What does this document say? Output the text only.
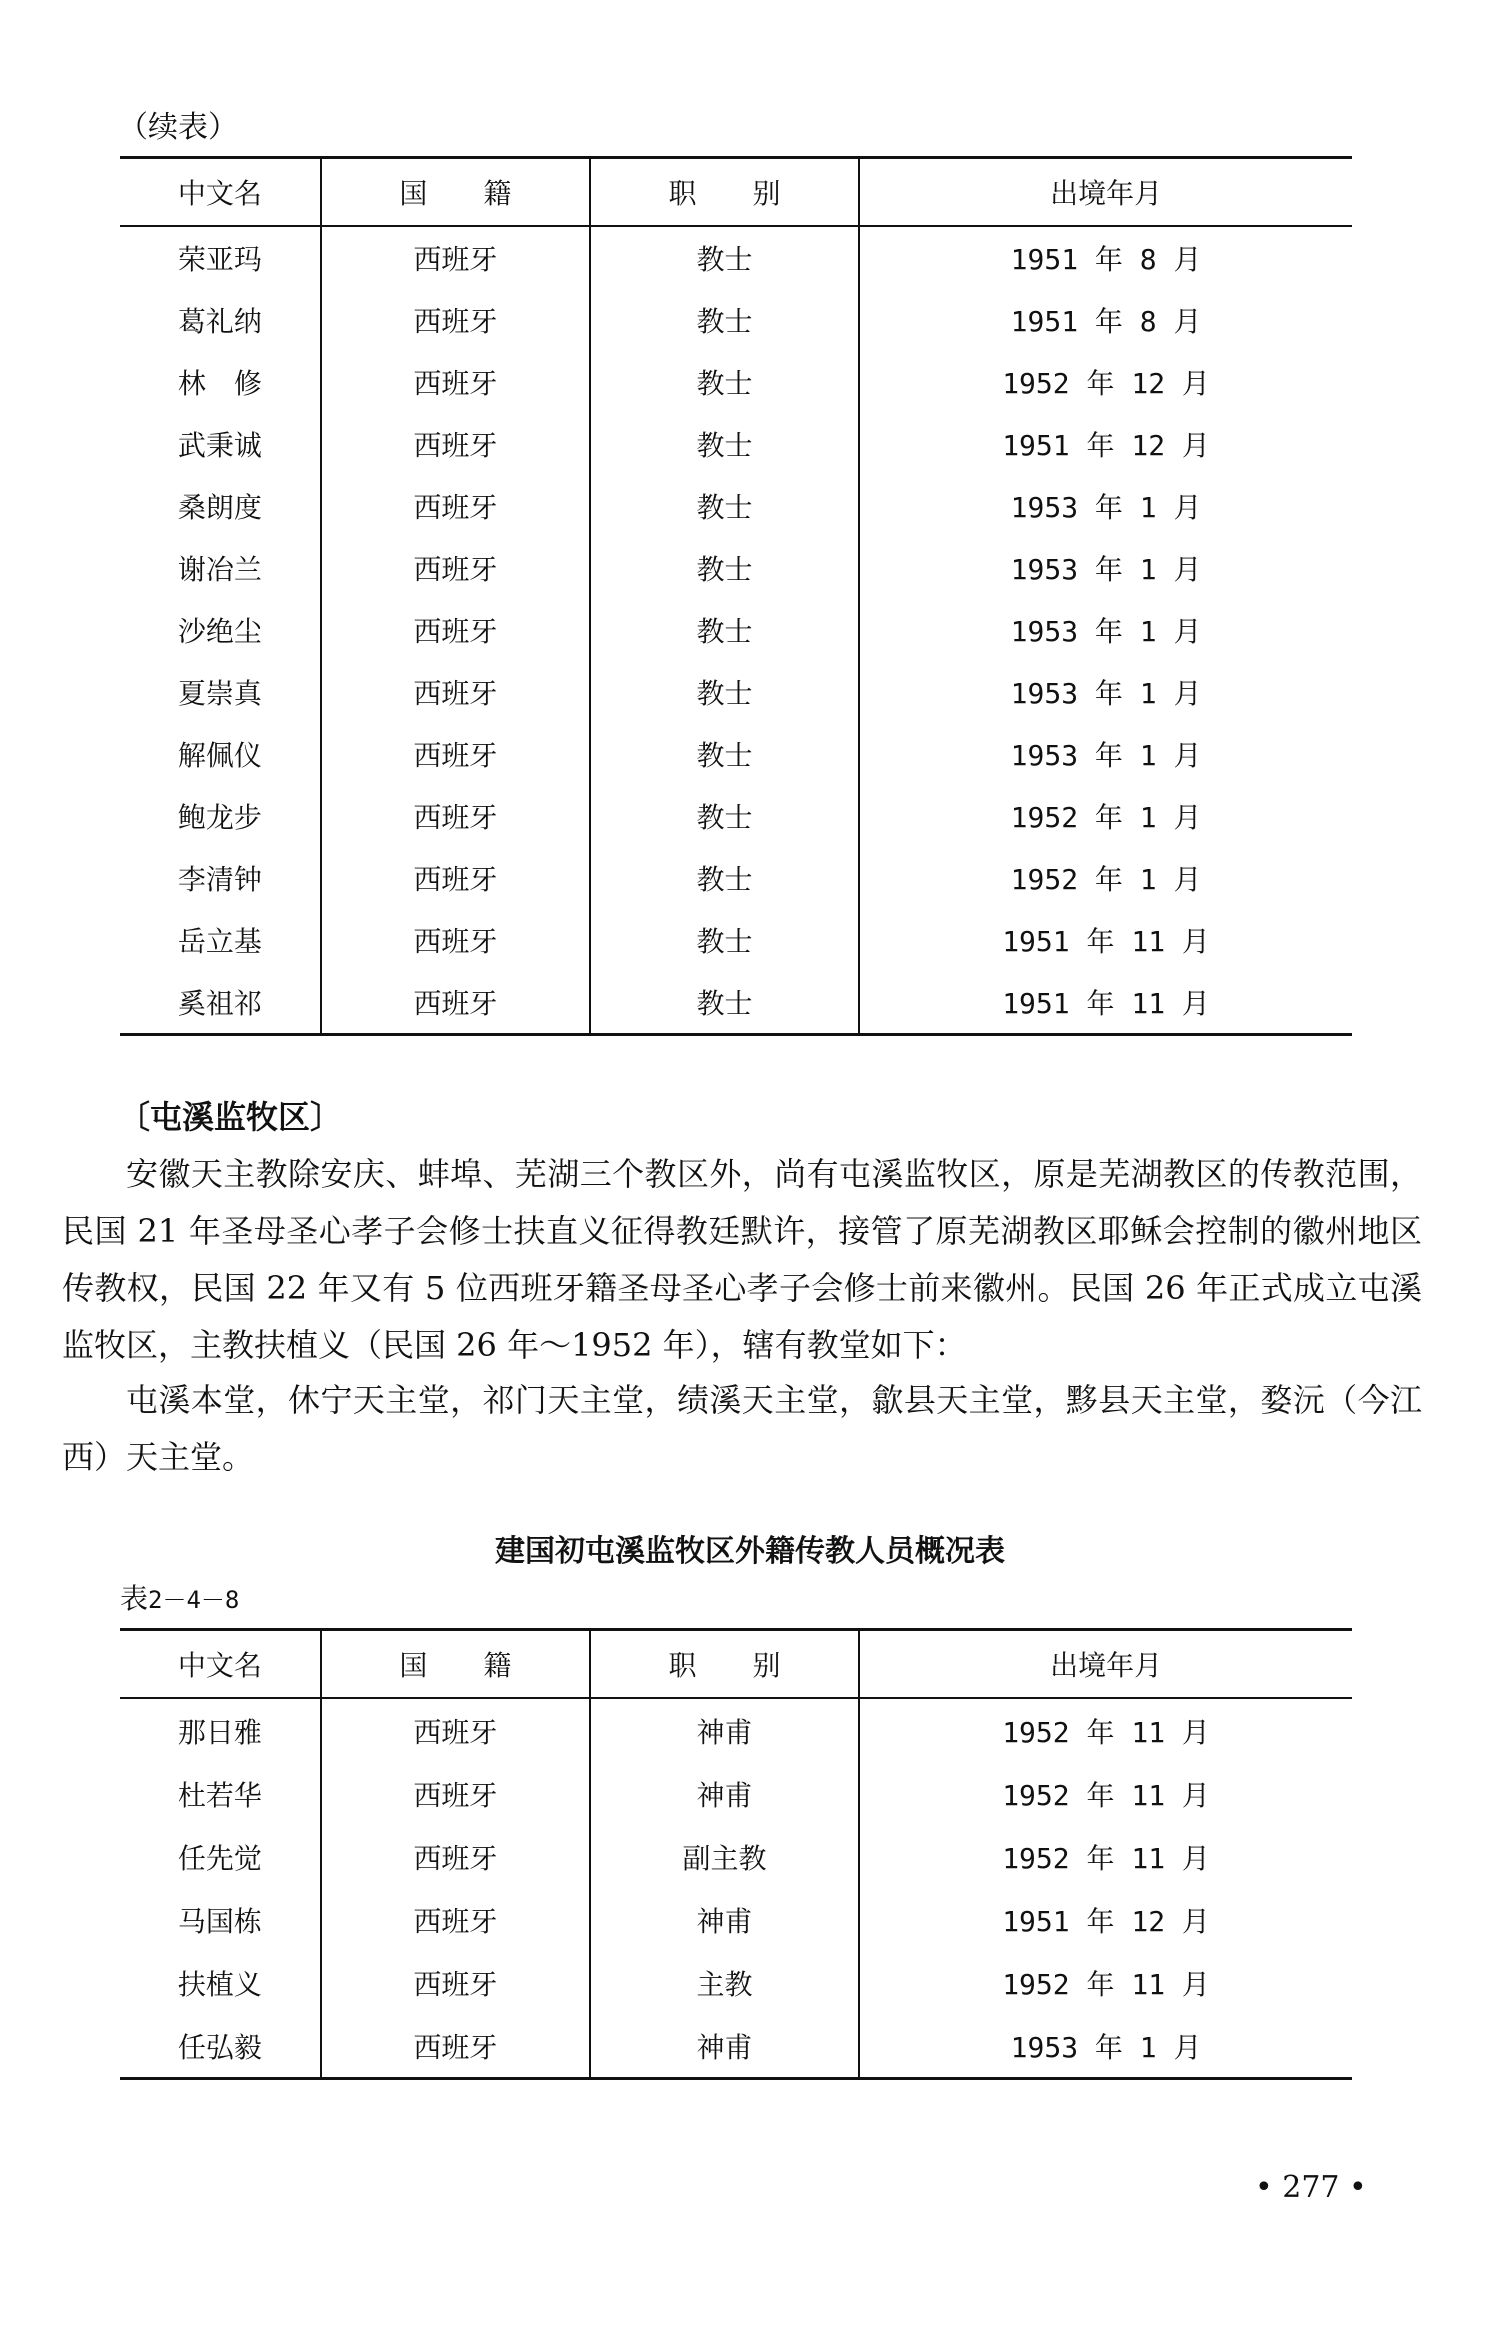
（续表）
中文名	国　　籍	职　　别	出境年月
荣亚玛	西班牙	教士	1951 年 8 月
葛礼纳	西班牙	教士	1951 年 8 月
林　修	西班牙	教士	1952 年 12 月
武秉诚	西班牙	教士	1951 年 12 月
桑朗度	西班牙	教士	1953 年 1 月
谢冶兰	西班牙	教士	1953 年 1 月
沙绝尘	西班牙	教士	1953 年 1 月
夏崇真	西班牙	教士	1953 年 1 月
解佩仪	西班牙	教士	1953 年 1 月
鲍龙步	西班牙	教士	1952 年 1 月
李清钟	西班牙	教士	1952 年 1 月
岳立基	西班牙	教士	1951 年 11 月
奚祖祁	西班牙	教士	1951 年 11 月
〔屯溪监牧区〕

安徽天主教除安庆、蚌埠、芜湖三个教区外，尚有屯溪监牧区，原是芜湖教区的传教范围，民国 21 年圣母圣心孝子会修士扶直义征得教廷默许，接管了原芜湖教区耶稣会控制的徽州地区传教权，民国 22 年又有 5 位西班牙籍圣母圣心孝子会修士前来徽州。民国 26 年正式成立屯溪监牧区，主教扶植义（民国 26 年～1952 年），辖有教堂如下：

屯溪本堂，休宁天主堂，祁门天主堂，绩溪天主堂，歙县天主堂，黟县天主堂，婺沅（今江西）天主堂。

建国初屯溪监牧区外籍传教人员概况表
表2－4－8
中文名	国　　籍	职　　别	出境年月
那日雅	西班牙	神甫	1952 年 11 月
杜若华	西班牙	神甫	1952 年 11 月
任先觉	西班牙	副主教	1952 年 11 月
马国栋	西班牙	神甫	1951 年 12 月
扶植义	西班牙	主教	1952 年 11 月
任弘毅	西班牙	神甫	1953 年 1 月
• 277 •
